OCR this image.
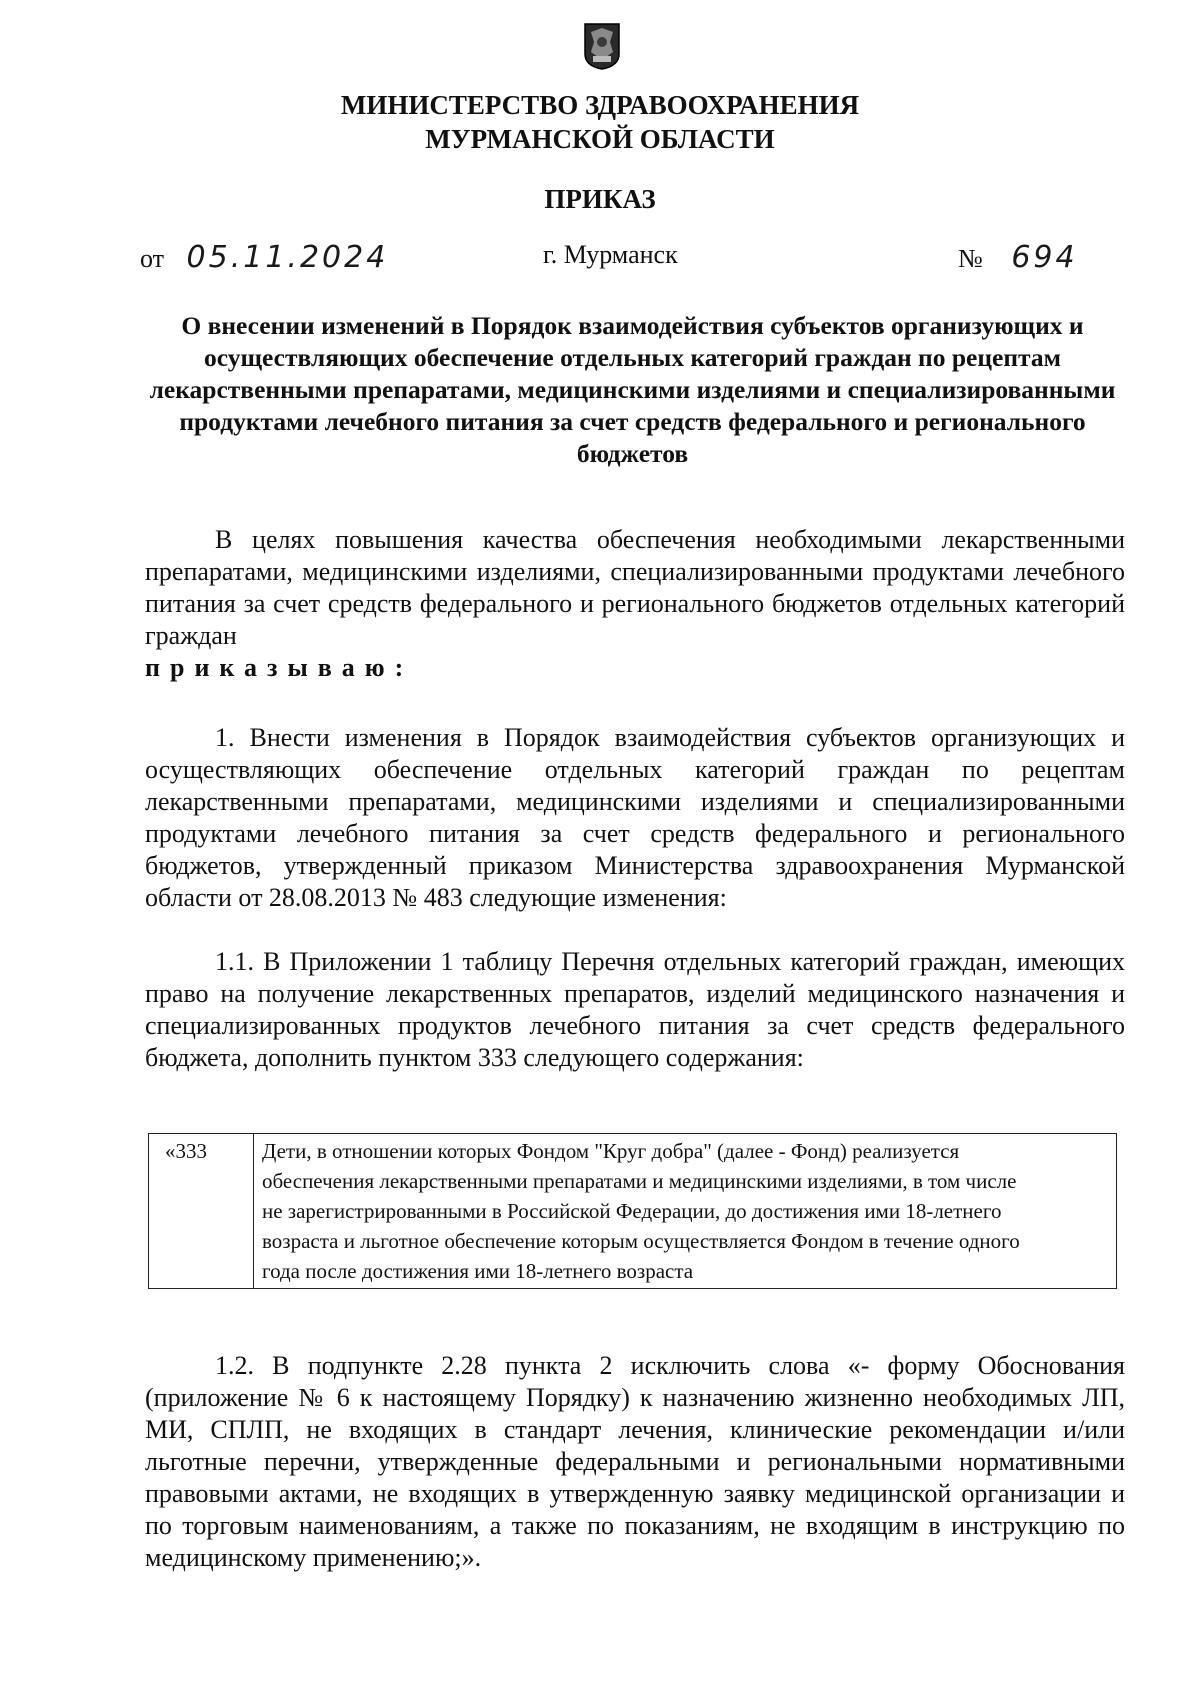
МИНИСТЕРСТВО ЗДРАВООХРАНЕНИЯ
МУРМАНСКОЙ ОБЛАСТИ
ПРИКАЗ
от 05.11.2024	г. Мурманск	№ 694
О внесении изменений в Порядок взаимодействия субъектов организующих и осуществляющих обеспечение отдельных категорий граждан по рецептам лекарственными препаратами, медицинскими изделиями и специализированными продуктами лечебного питания за счет средств федерального и регионального бюджетов
В целях повышения качества обеспечения необходимыми лекарственными препаратами, медицинскими изделиями, специализированными продуктами лечебного питания за счет средств федерального и регионального бюджетов отдельных категорий граждан
приказываю:
1. Внести изменения в Порядок взаимодействия субъектов организующих и осуществляющих обеспечение отдельных категорий граждан по рецептам лекарственными препаратами, медицинскими изделиями и специализированными продуктами лечебного питания за счет средств федерального и регионального бюджетов, утвержденный приказом Министерства здравоохранения Мурманской области от 28.08.2013 № 483 следующие изменения:
1.1. В Приложении 1 таблицу Перечня отдельных категорий граждан, имеющих право на получение лекарственных препаратов, изделий медицинского назначения и специализированных продуктов лечебного питания за счет средств федерального бюджета, дополнить пунктом 333 следующего содержания:
«333	Дети, в отношении которых Фондом "Круг добра" (далее - Фонд) реализуется обеспечения лекарственными препаратами и медицинскими изделиями, в том числе не зарегистрированными в Российской Федерации, до достижения ими 18-летнего возраста и льготное обеспечение которым осуществляется Фондом в течение одного года после достижения ими 18-летнего возраста
1.2. В подпункте 2.28 пункта 2 исключить слова «- форму Обоснования (приложение № 6 к настоящему Порядку) к назначению жизненно необходимых ЛП, МИ, СПЛП, не входящих в стандарт лечения, клинические рекомендации и/или льготные перечни, утвержденные федеральными и региональными нормативными правовыми актами, не входящих в утвержденную заявку медицинской организации и по торговым наименованиям, а также по показаниям, не входящим в инструкцию по медицинскому применению;».
